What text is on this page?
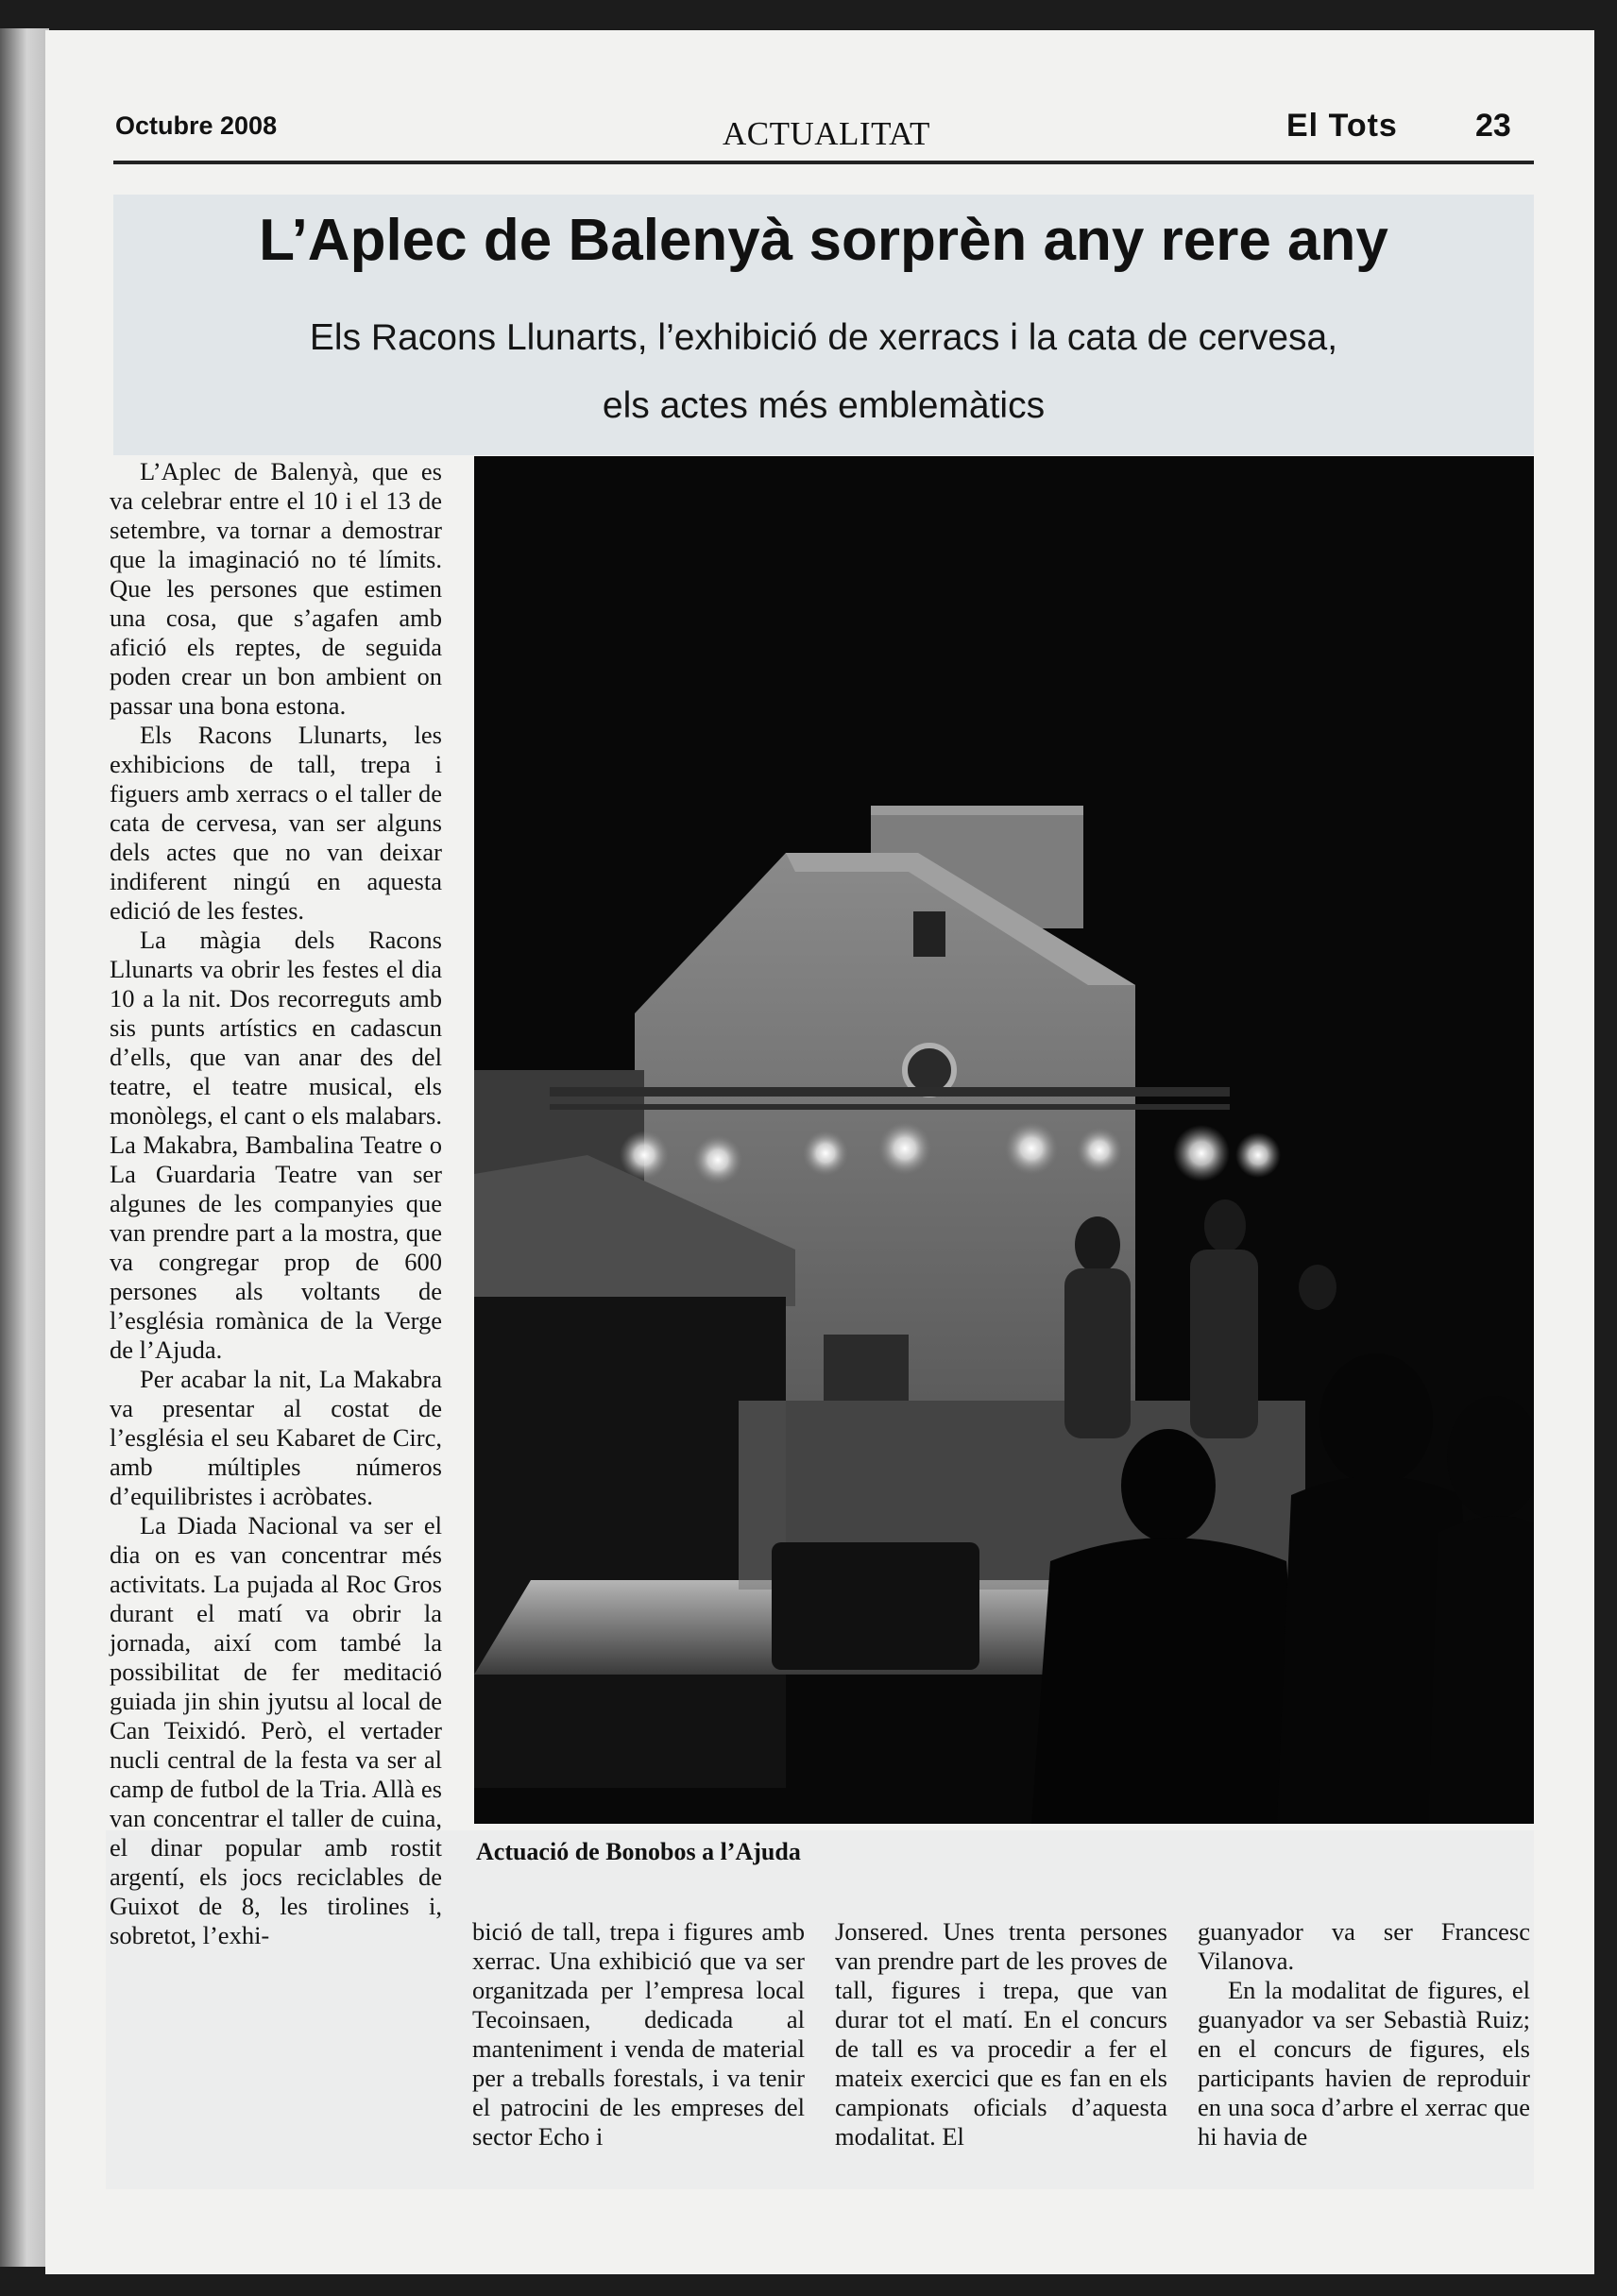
Octubre 2008	ACTUALITAT	El Tots 23
L’Aplec de Balenyà sorprèn any rere any
Els Racons Llunarts, l’exhibició de xerracs i la cata de cervesa,
els actes més emblemàtics

L’Aplec de Balenyà, que es va celebrar entre el 10 i el 13 de setembre, va tornar a demostrar que la imaginació no té límits. Que les persones que estimen una cosa, que s’agafen amb afició els reptes, de seguida poden crear un bon ambient on passar una bona estona.

Els Racons Llunarts, les exhibicions de tall, trepa i figuers amb xerracs o el taller de cata de cervesa, van ser alguns dels actes que no van deixar indiferent ningú en aquesta edició de les festes.

La màgia dels Racons Llunarts va obrir les festes el dia 10 a la nit. Dos recorreguts amb sis punts artístics en cadascun d’ells, que van anar des del teatre, el teatre musical, els monòlegs, el cant o els malabars. La Makabra, Bambalina Teatre o La Guardaria Teatre van ser algunes de les companyies que van prendre part a la mostra, que va congregar prop de 600 persones als voltants de l’església romànica de la Verge de l’Ajuda.

Per acabar la nit, La Makabra va presentar al costat de l’església el seu Kabaret de Circ, amb múltiples números d’equilibristes i acròbates.

La Diada Nacional va ser el dia on es van concentrar més activitats. La pujada al Roc Gros durant el matí va obrir la jornada, així com també la possibilitat de fer meditació guiada jin shin jyutsu al local de Can Teixidó. Però, el vertader nucli central de la festa va ser al camp de futbol de la Tria. Allà es van concentrar el taller de cuina, el dinar popular amb rostit argentí, els jocs reciclables de Guixot de 8, les tirolines i, sobretot, l’exhi-

Actuació de Bonobos a l’Ajuda

bició de tall, trepa i figures amb xerrac. Una exhibició que va ser organitzada per l’empresa local Tecoinsaen, dedicada al manteniment i venda de material per a treballs forestals, i va tenir el patrocini de les empreses del sector Echo i

Jonsered. Unes trenta persones van prendre part de les proves de tall, figures i trepa, que van durar tot el matí. En el concurs de tall es va procedir a fer el mateix exercici que es fan en els campionats oficials d’aquesta modalitat. El

guanyador va ser Francesc Vilanova.

En la modalitat de figures, el guanyador va ser Sebastià Ruiz; en el concurs de figures, els participants havien de reproduir en una soca d’arbre el xerrac que hi havia de
